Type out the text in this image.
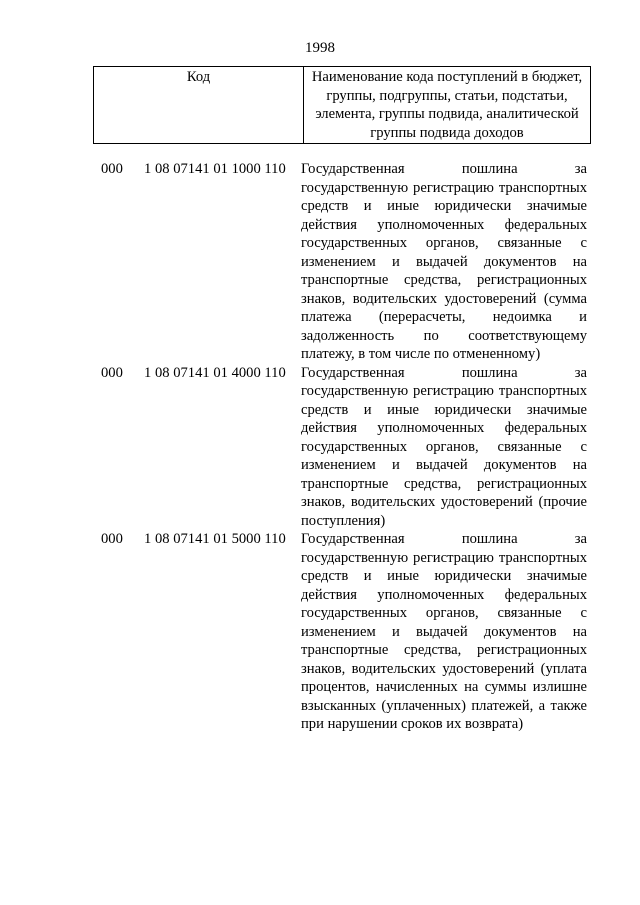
1998
Код	Наименование кода поступлений в бюджет, группы, подгруппы, статьи, подстатьи, элемента, группы подвида, аналитической группы подвида доходов
000 1 08 07141 01 1000 110 Государственная пошлина за государственную регистрацию транспортных средств и иные юридически значимые действия уполномоченных федеральных государственных органов, связанные с изменением и выдачей документов на транспортные средства, регистрационных знаков, водительских удостоверений (сумма платежа (перерасчеты, недоимка и задолженность по соответствующему платежу, в том числе по отмененному)
000 1 08 07141 01 4000 110 Государственная пошлина за государственную регистрацию транспортных средств и иные юридически значимые действия уполномоченных федеральных государственных органов, связанные с изменением и выдачей документов на транспортные средства, регистрационных знаков, водительских удостоверений (прочие поступления)
000 1 08 07141 01 5000 110 Государственная пошлина за государственную регистрацию транспортных средств и иные юридически значимые действия уполномоченных федеральных государственных органов, связанные с изменением и выдачей документов на транспортные средства, регистрационных знаков, водительских удостоверений (уплата процентов, начисленных на суммы излишне взысканных (уплаченных) платежей, а также при нарушении сроков их возврата)
